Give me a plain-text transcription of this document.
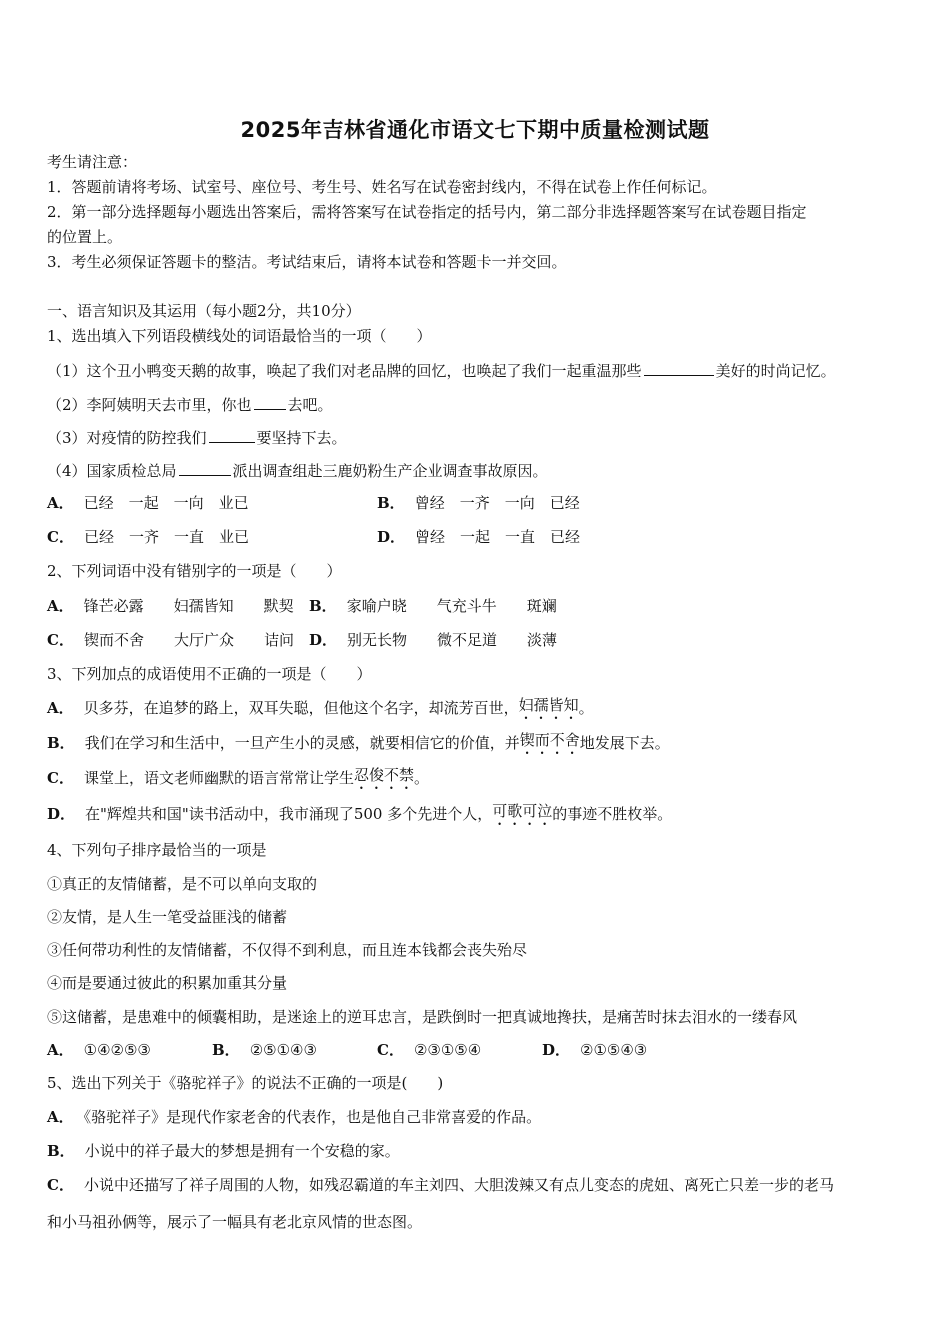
2025年吉林省通化市语文七下期中质量检测试题
考生请注意：
1．答题前请将考场、试室号、座位号、考生号、姓名写在试卷密封线内，不得在试卷上作任何标记。
2．第一部分选择题每小题选出答案后，需将答案写在试卷指定的括号内，第二部分非选择题答案写在试卷题目指定
的位置上。
3．考生必须保证答题卡的整洁。考试结束后，请将本试卷和答题卡一并交回。
一、语言知识及其运用（每小题2分，共10分）
1、选出填入下列语段横线处的词语最恰当的一项（　　）
（1）这个丑小鸭变天鹅的故事，唤起了我们对老品牌的回忆，也唤起了我们一起重温那些	美好的时尚记忆。
（2）李阿姨明天去市里，你也 去吧。
（3）对疫情的防控我们	要坚持下去。
（4）国家质检总局	派出调查组赴三鹿奶粉生产企业调查事故原因。
A． 已经　一起　一向　业已	B． 曾经　一齐　一向　已经
C． 已经　一齐　一直　业已	D． 曾经　一起　一直　已经
2、下列词语中没有错别字的一项是（　　）
A． 锋芒必露　　妇孺皆知　　默契 B． 家喻户晓　　气充斗牛　　斑斓
C． 锲而不舍　　大厅广众　　诘问 D． 别无长物　　微不足道　　淡薄
3、下列加点的成语使用不正确的一项是（　　）
A． 贝多芬，在追梦的路上，双耳失聪，但他这个名字，却流芳百世，妇孺皆知。
B． 我们在学习和生活中，一旦产生小的灵感，就要相信它的价值，并锲而不舍地发展下去。
C． 课堂上，语文老师幽默的语言常常让学生忍俊不禁。
D． 在"辉煌共和国"读书活动中，我市涌现了500 多个先进个人，可歌可泣的事迹不胜枚举。
4、下列句子排序最恰当的一项是
①真正的友情储蓄，是不可以单向支取的
②友情，是人生一笔受益匪浅的储蓄
③任何带功利性的友情储蓄，不仅得不到利息，而且连本钱都会丧失殆尽
④而是要通过彼此的积累加重其分量
⑤这储蓄，是患难中的倾囊相助，是迷途上的逆耳忠言，是跌倒时一把真诚地搀扶，是痛苦时抹去泪水的一缕春风
A． ①④②⑤③	B． ②⑤①④③	C． ②③①⑤④	D． ②①⑤④③
5、选出下列关于《骆驼祥子》的说法不正确的一项是(　　)
A． 《骆驼祥子》是现代作家老舍的代表作，也是他自己非常喜爱的作品。
B． 小说中的祥子最大的梦想是拥有一个安稳的家。
C． 小说中还描写了祥子周围的人物，如残忍霸道的车主刘四、大胆泼辣又有点儿变态的虎妞、离死亡只差一步的老马
和小马祖孙俩等，展示了一幅具有老北京风情的世态图。
